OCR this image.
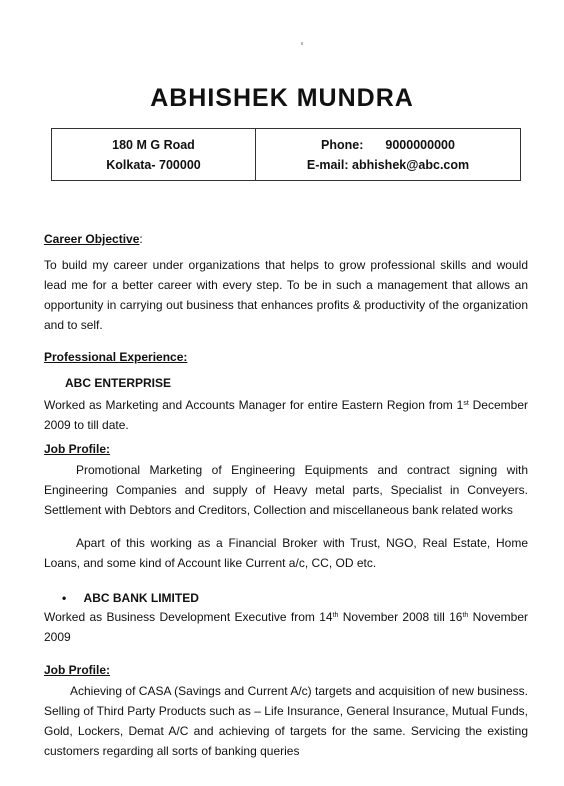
ABHISHEK MUNDRA
180 M G Road
Kolkata- 700000
Phone: 9000000000
E-mail: abhishek@abc.com
Career Objective:
To build my career under organizations that helps to grow professional skills and would lead me for a better career with every step. To be in such a management that allows an opportunity in carrying out business that enhances profits & productivity of the organization and to self.
Professional Experience:
ABC ENTERPRISE
Worked as Marketing and Accounts Manager for entire Eastern Region from 1st December 2009 to till date.
Job Profile:
Promotional Marketing of Engineering Equipments and contract signing with Engineering Companies and supply of Heavy metal parts, Specialist in Conveyers. Settlement with Debtors and Creditors, Collection and miscellaneous bank related works
Apart of this working as a Financial Broker with Trust, NGO, Real Estate, Home Loans, and some kind of Account like Current a/c, CC, OD etc.
• ABC BANK LIMITED
Worked as Business Development Executive from 14th November 2008 till 16th November 2009
Job Profile:
Achieving of CASA (Savings and Current A/c) targets and acquisition of new business. Selling of Third Party Products such as – Life Insurance, General Insurance, Mutual Funds, Gold, Lockers, Demat A/C and achieving of targets for the same. Servicing the existing customers regarding all sorts of banking queries
